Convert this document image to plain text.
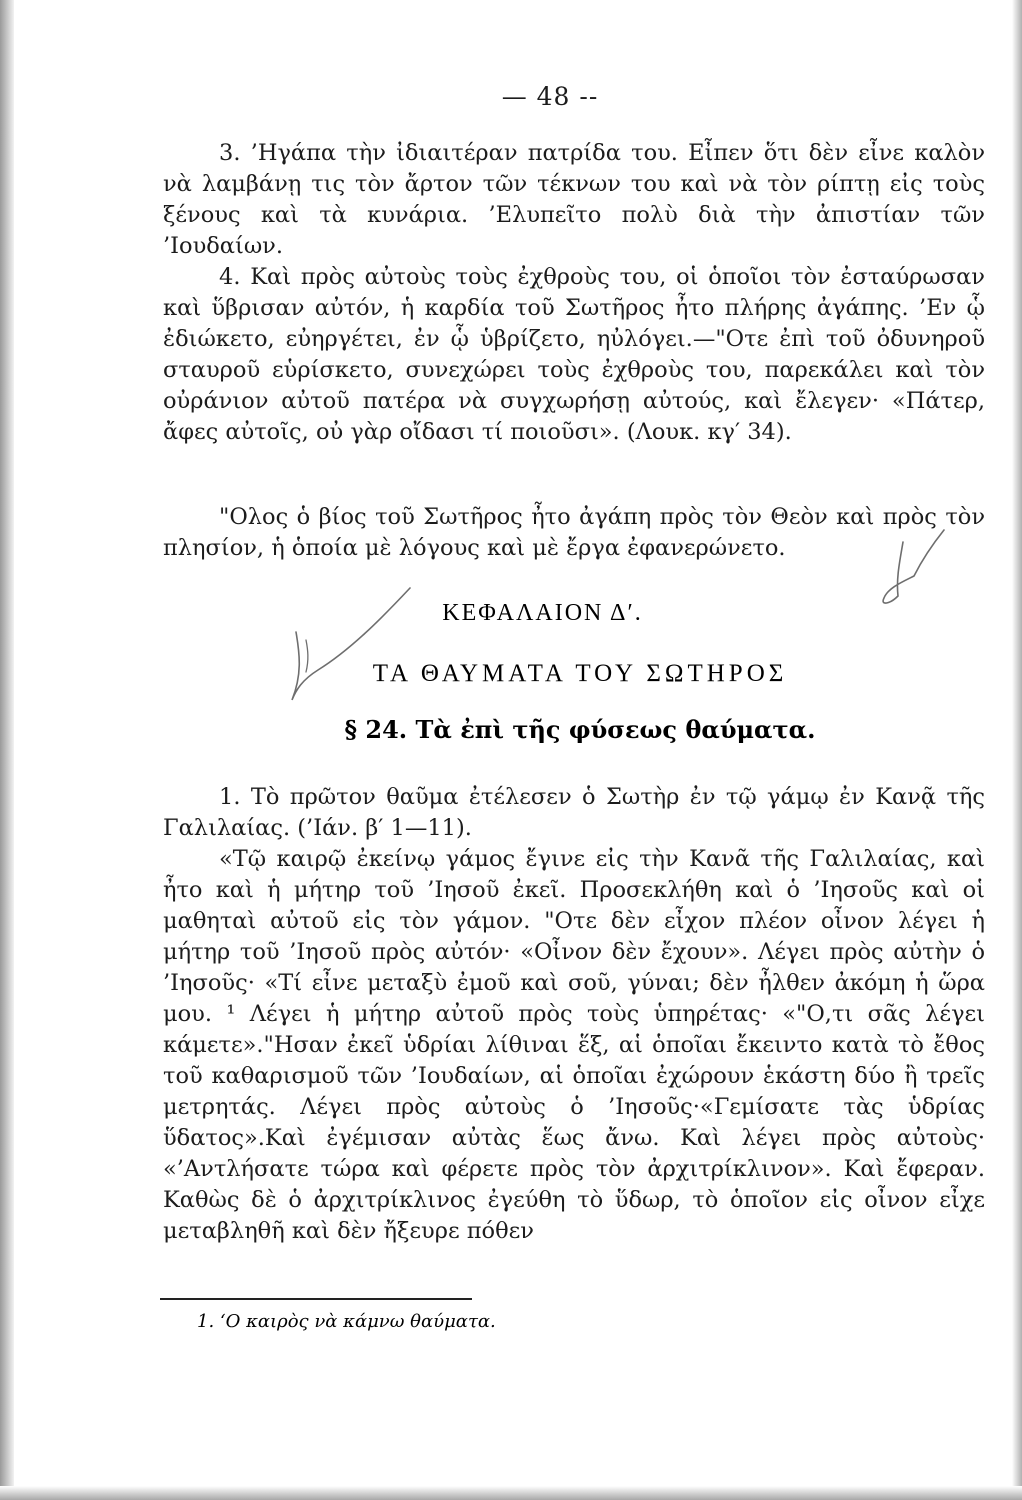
— 48 --

3. ’Ηγάπα τὴν ἰδιαιτέραν πατρίδα του. Εἶπεν ὅτι δὲν εἶνε καλὸν νὰ λαμβάνῃ τις τὸν ἄρτον τῶν τέκνων του καὶ νὰ τὸν ρίπτῃ εἰς τοὺς ξένους καὶ τὰ κυνάρια. ’Ελυπεῖτο πολὺ διὰ τὴν ἀπιστίαν τῶν ’Ιουδαίων.

4. Καὶ πρὸς αὐτοὺς τοὺς ἐχθροὺς του, οἱ ὁποῖοι τὸν ἐσταύρωσαν καὶ ὕβρισαν αὐτόν, ἡ καρδία τοῦ Σωτῆρος ἦτο πλήρης ἀγάπης. ’Εν ᾧ ἐδιώκετο, εὐηργέτει, ἐν ᾧ ὑβρίζετο, ηὐλόγει.—"Οτε ἐπὶ τοῦ ὀδυνηροῦ σταυροῦ εὑρίσκετο, συνεχώρει τοὺς ἐχθροὺς του, παρεκάλει καὶ τὸν οὐράνιον αὐτοῦ πατέρα νὰ συγχωρήσῃ αὐτούς, καὶ ἔλεγεν· «Πάτερ, ἄφες αὐτοῖς, οὐ γὰρ οἴδασι τί ποιοῦσι». (Λουκ. κγ′ 34).

"Ολος ὁ βίος τοῦ Σωτῆρος ἦτο ἀγάπη πρὸς τὸν Θεὸν καὶ πρὸς τὸν πλησίον, ἡ ὁποία μὲ λόγους καὶ μὲ ἔργα ἐφανερώνετο.

ΚΕΦΑΛΑΙΟΝ Δ′.
ΤΑ ΘΑΥΜΑΤΑ ΤΟΥ ΣΩΤΗΡΟΣ
§ 24. Τὰ ἐπὶ τῆς φύσεως θαύματα.

1. Τὸ πρῶτον θαῦμα ἐτέλεσεν ὁ Σωτὴρ ἐν τῷ γάμῳ ἐν Κανᾷ τῆς Γαλιλαίας. (’Ιάν. β′ 1—11).

«Τῷ καιρῷ ἐκείνῳ γάμος ἔγινε εἰς τὴν Κανᾶ τῆς Γαλιλαίας, καὶ ἦτο καὶ ἡ μήτηρ τοῦ ’Ιησοῦ ἐκεῖ. Προσεκλήθη καὶ ὁ ’Ιησοῦς καὶ οἱ μαθηταὶ αὐτοῦ εἰς τὸν γάμον. "Οτε δὲν εἶχον πλέον οἶνον λέγει ἡ μήτηρ τοῦ ’Ιησοῦ πρὸς αὐτόν· «Οἶνον δὲν ἔχουν». Λέγει πρὸς αὐτὴν ὁ ’Ιησοῦς· «Τί εἶνε μεταξὺ ἐμοῦ καὶ σοῦ, γύναι; δὲν ἦλθεν ἀκόμη ἡ ὥρα μου. ¹ Λέγει ἡ μήτηρ αὐτοῦ πρὸς τοὺς ὑπηρέτας· «"Ο,τι σᾶς λέγει κάμετε»."Ησαν ἐκεῖ ὑδρίαι λίθιναι ἕξ, αἱ ὁποῖαι ἔκειντο κατὰ τὸ ἔθος τοῦ καθαρισμοῦ τῶν ’Ιουδαίων, αἱ ὁποῖαι ἐχώρουν ἑκάστη δύο ἢ τρεῖς μετρητάς. Λέγει πρὸς αὐτοὺς ὁ ’Ιησοῦς·«Γεμίσατε τὰς ὑδρίας ὕδατος».Καὶ ἐγέμισαν αὐτὰς ἕως ἄνω. Καὶ λέγει πρὸς αὐτοὺς· «’Αντλήσατε τώρα καὶ φέρετε πρὸς τὸν ἀρχιτρίκλινον». Καὶ ἔφεραν. Καθὼς δὲ ὁ ἀρχιτρίκλινος ἐγεύθη τὸ ὕδωρ, τὸ ὁποῖον εἰς οἶνον εἶχε μεταβληθῆ καὶ δὲν ἤξευρε πόθεν

1. ‘Ο καιρὸς νὰ κάμνω θαύματα.
